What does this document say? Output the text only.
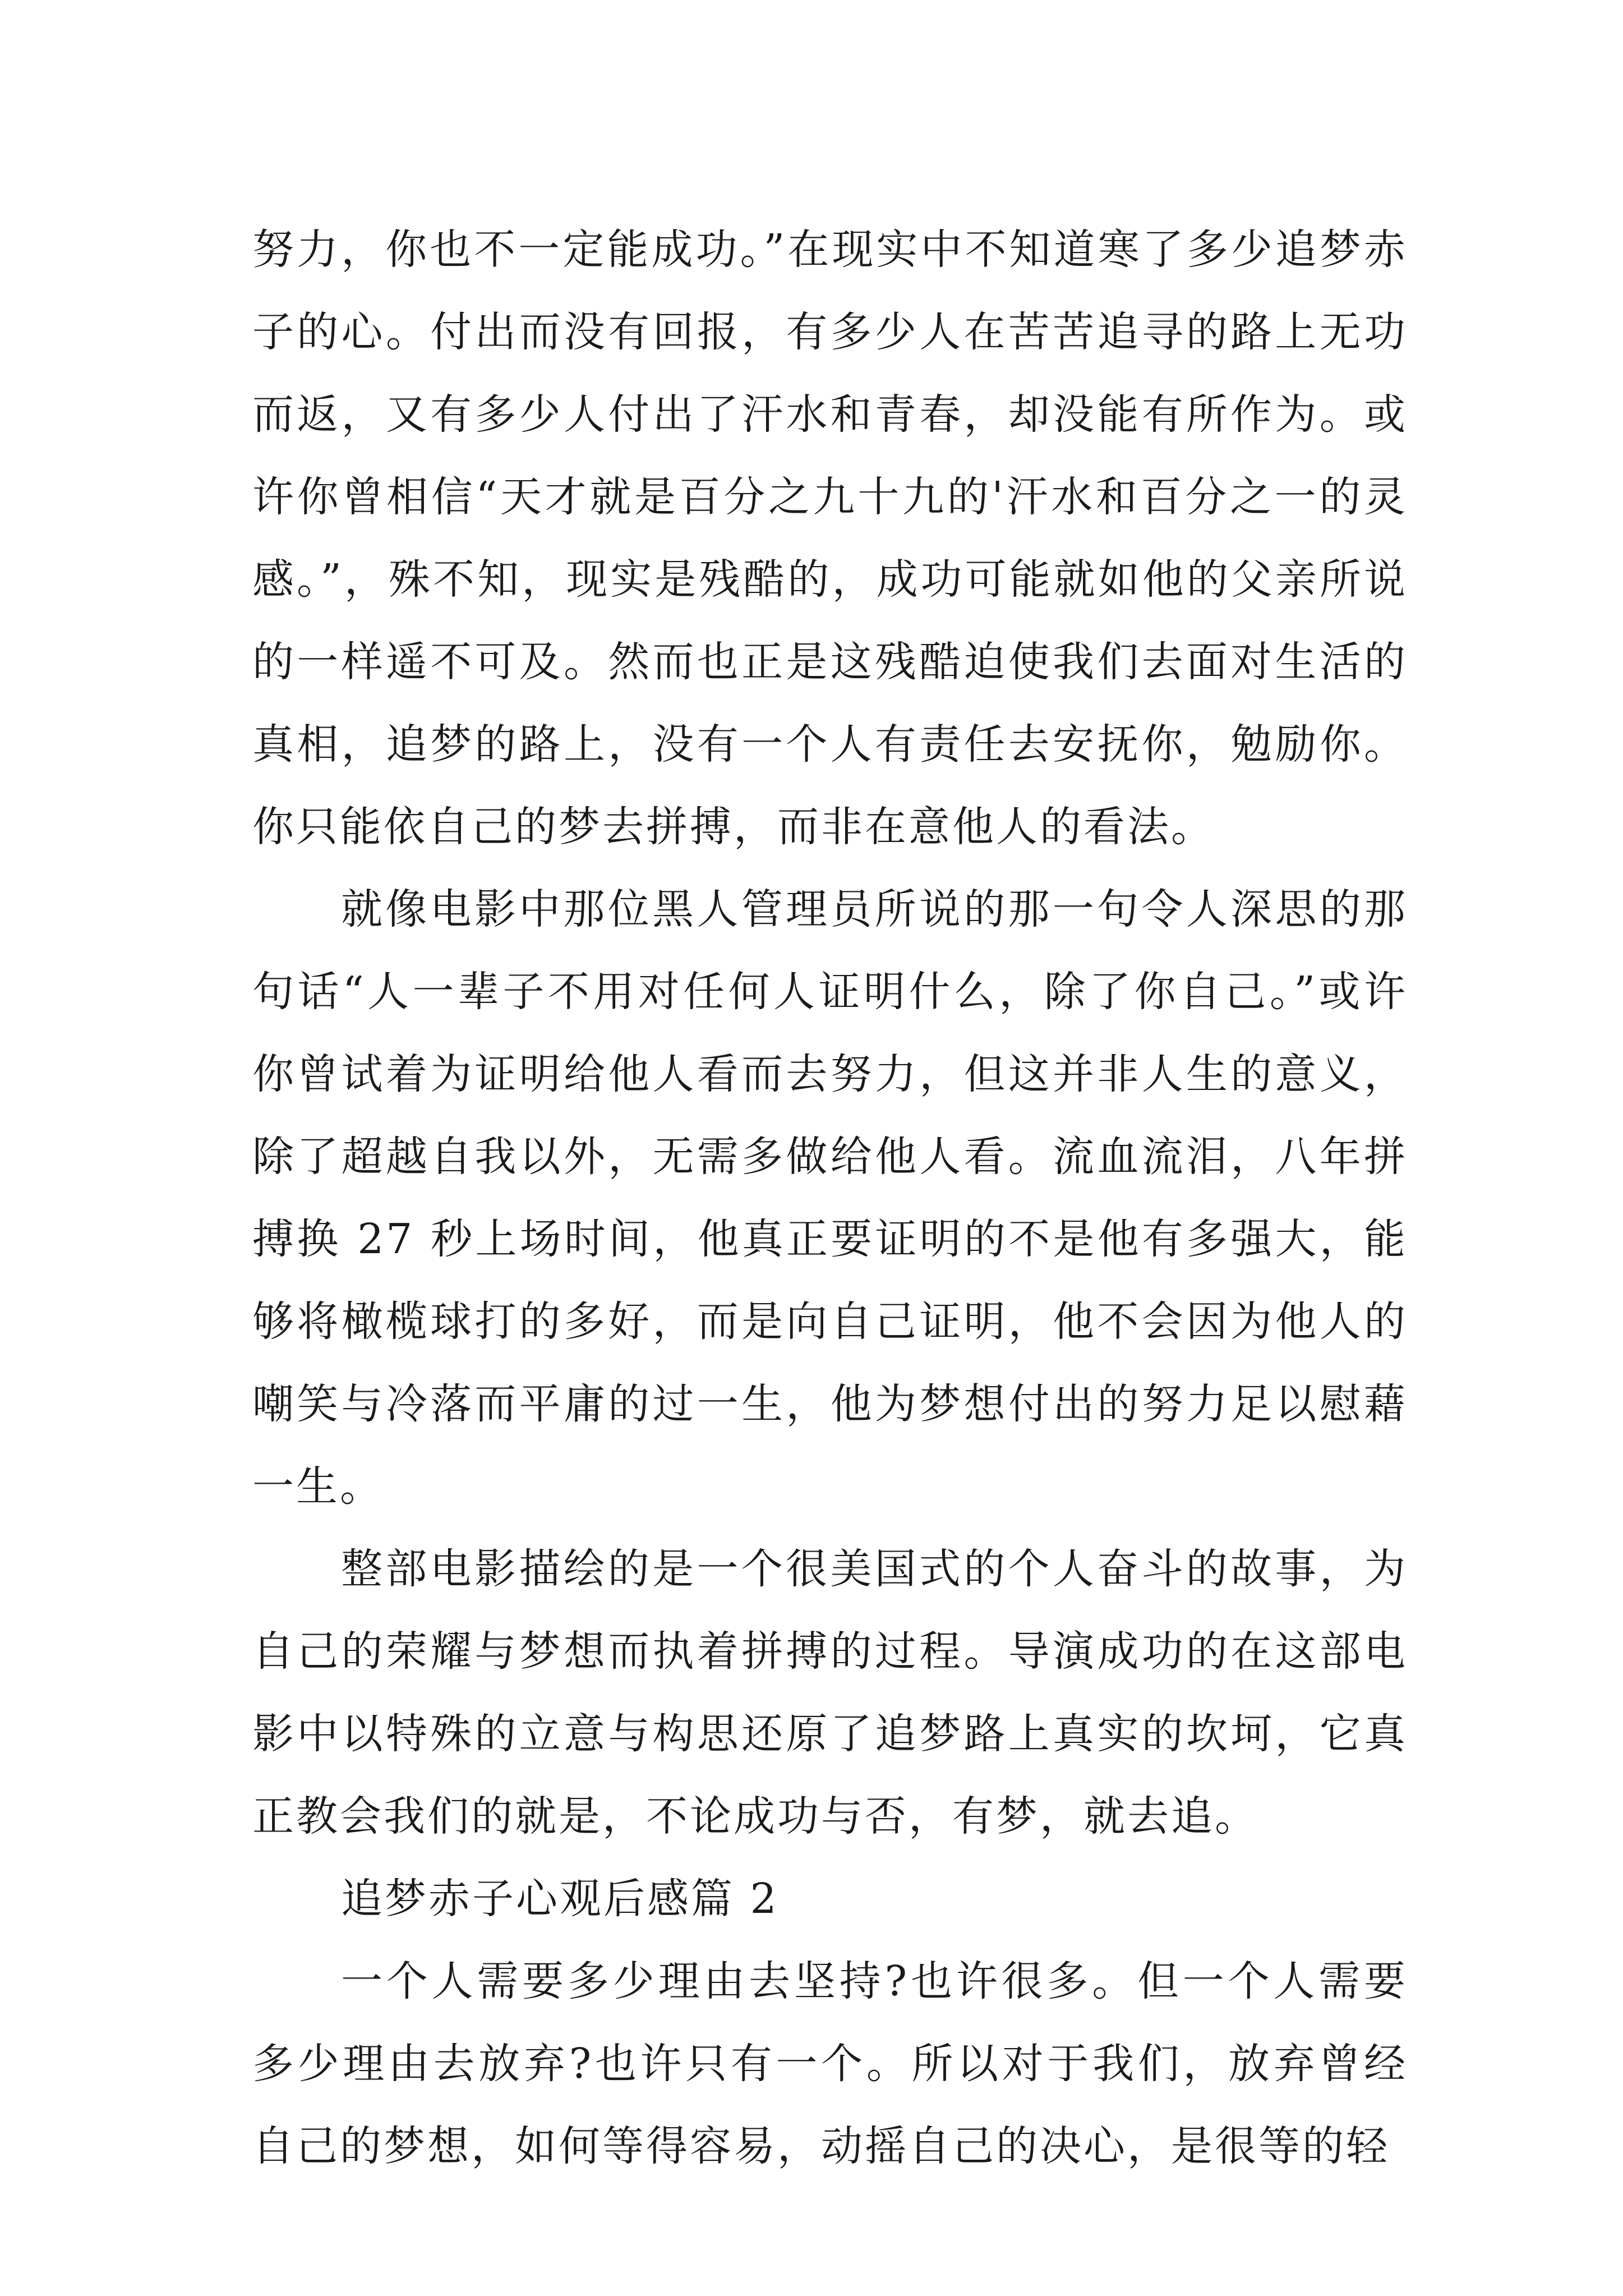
努力，你也不一定能成功。”在现实中不知道寒了多少追梦赤子的心。付出而没有回报，有多少人在苦苦追寻的路上无功而返，又有多少人付出了汗水和青春，却没能有所作为。或许你曾相信“天才就是百分之九十九的'汗水和百分之一的灵感。”，殊不知，现实是残酷的，成功可能就如他的父亲所说的一样遥不可及。然而也正是这残酷迫使我们去面对生活的真相，追梦的路上，没有一个人有责任去安抚你，勉励你。你只能依自己的梦去拼搏，而非在意他人的看法。

就像电影中那位黑人管理员所说的那一句令人深思的那句话“人一辈子不用对任何人证明什么，除了你自己。”或许你曾试着为证明给他人看而去努力，但这并非人生的意义，除了超越自我以外，无需多做给他人看。流血流泪，八年拼搏换 27 秒上场时间，他真正要证明的不是他有多强大，能够将橄榄球打的多好，而是向自己证明，他不会因为他人的嘲笑与冷落而平庸的过一生，他为梦想付出的努力足以慰藉一生。

整部电影描绘的是一个很美国式的个人奋斗的故事，为自己的荣耀与梦想而执着拼搏的过程。导演成功的在这部电影中以特殊的立意与构思还原了追梦路上真实的坎坷，它真正教会我们的就是，不论成功与否，有梦，就去追。

追梦赤子心观后感篇 2

一个人需要多少理由去坚持?也许很多。但一个人需要多少理由去放弃?也许只有一个。所以对于我们，放弃曾经自己的梦想，如何等得容易，动摇自己的决心，是很等的轻
